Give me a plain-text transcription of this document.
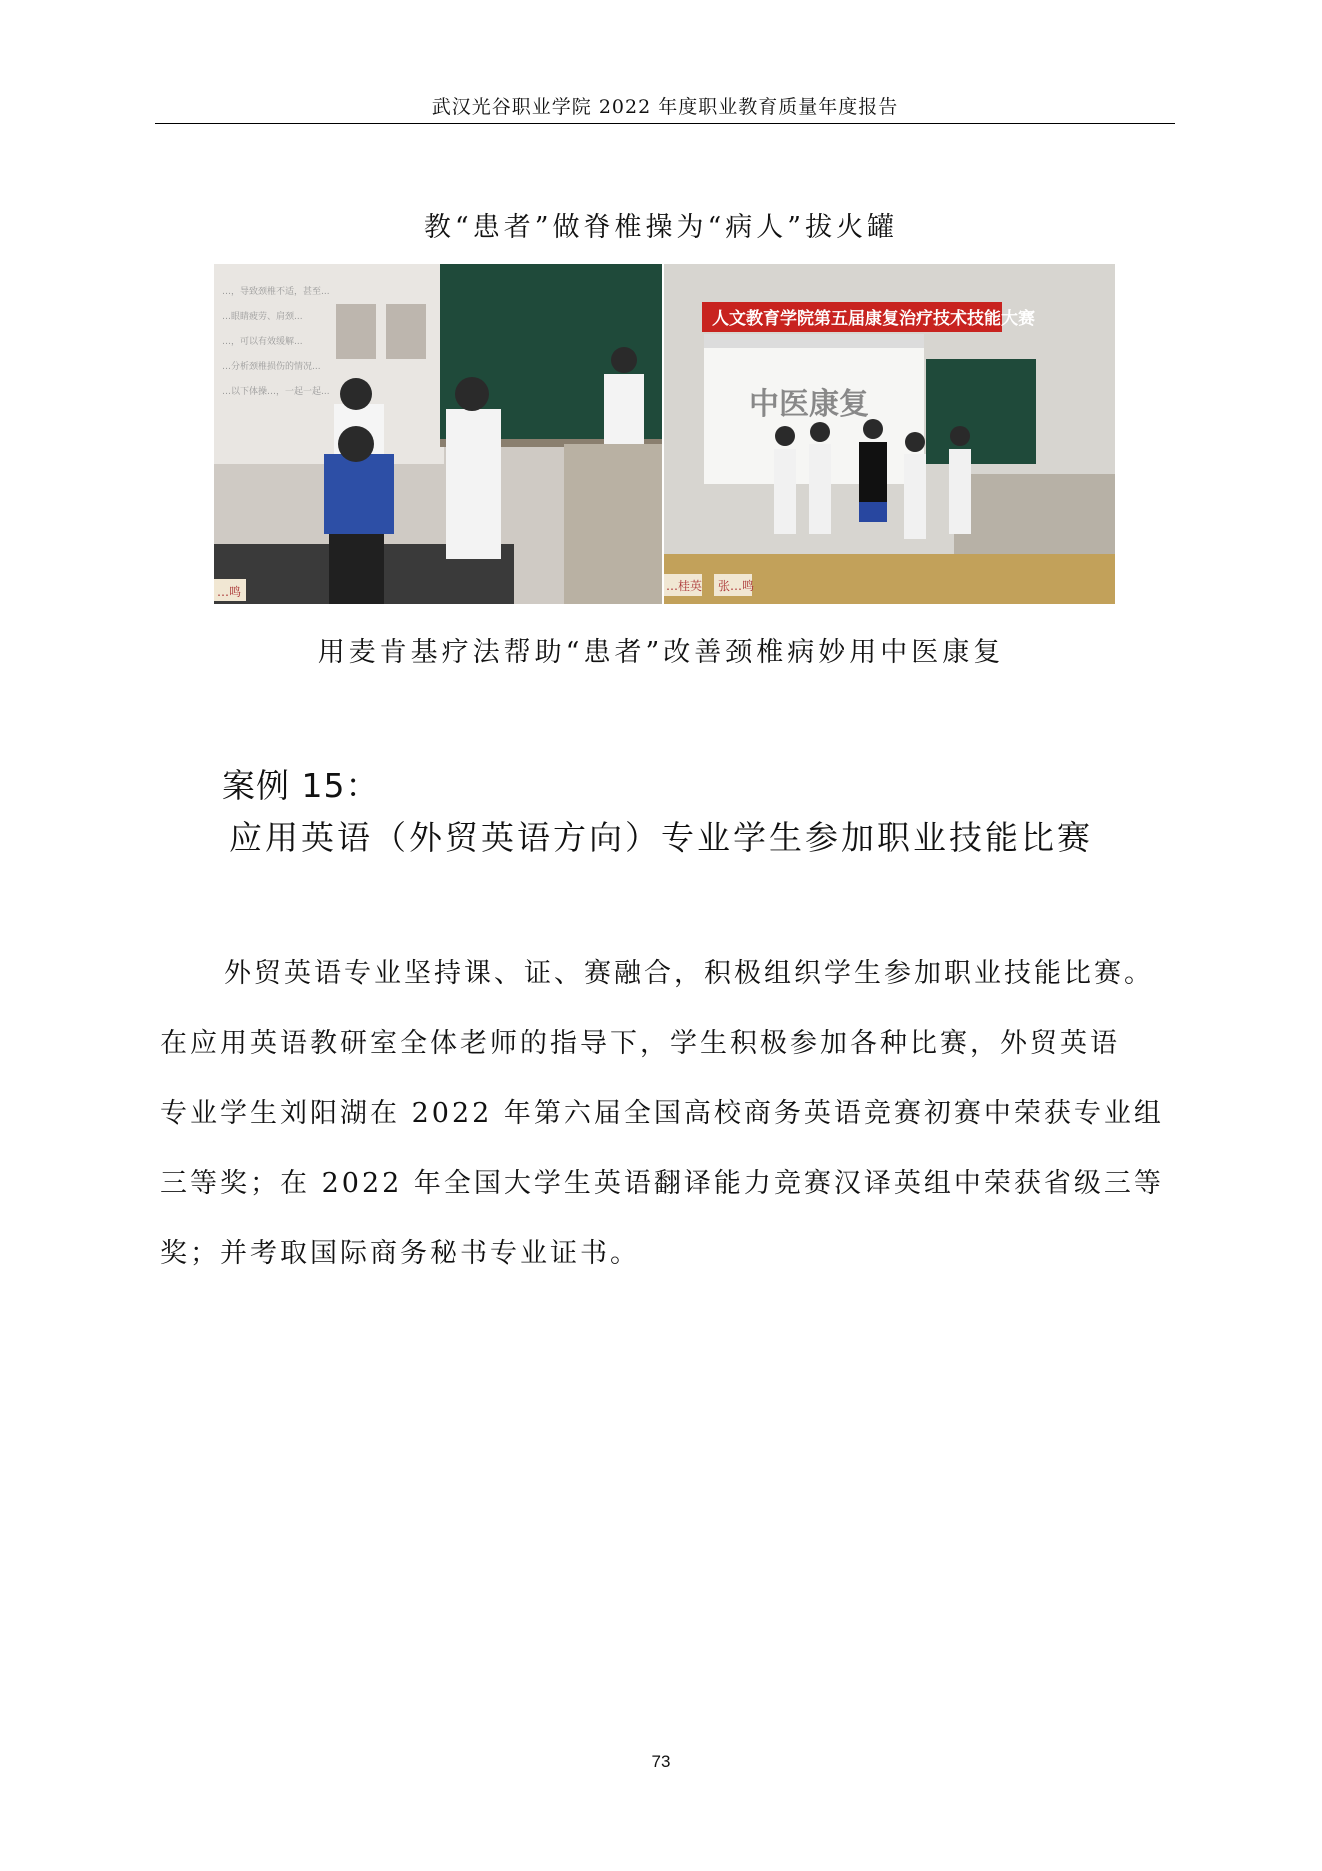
武汉光谷职业学院 2022 年度职业教育质量年度报告
教“患者”做脊椎操为“病人”拔火罐
…，导致颈椎不适，甚至...
…眼睛疲劳、肩颈...
…，可以有效缓解...
…分析颈椎损伤的情况...
…以下体操…，一起一起...
…鸣
人文教育学院第五届康复治疗技术技能大赛
中医康复
…桂英 张…鸣
用麦肯基疗法帮助“患者”改善颈椎病妙用中医康复
案例 15：
应用英语（外贸英语方向）专业学生参加职业技能比赛
外贸英语专业坚持课、证、赛融合，积极组织学生参加职业技能比赛。
在应用英语教研室全体老师的指导下，学生积极参加各种比赛，外贸英语
专业学生刘阳湖在 2022 年第六届全国高校商务英语竞赛初赛中荣获专业组
三等奖；在 2022 年全国大学生英语翻译能力竞赛汉译英组中荣获省级三等
奖；并考取国际商务秘书专业证书。
73
